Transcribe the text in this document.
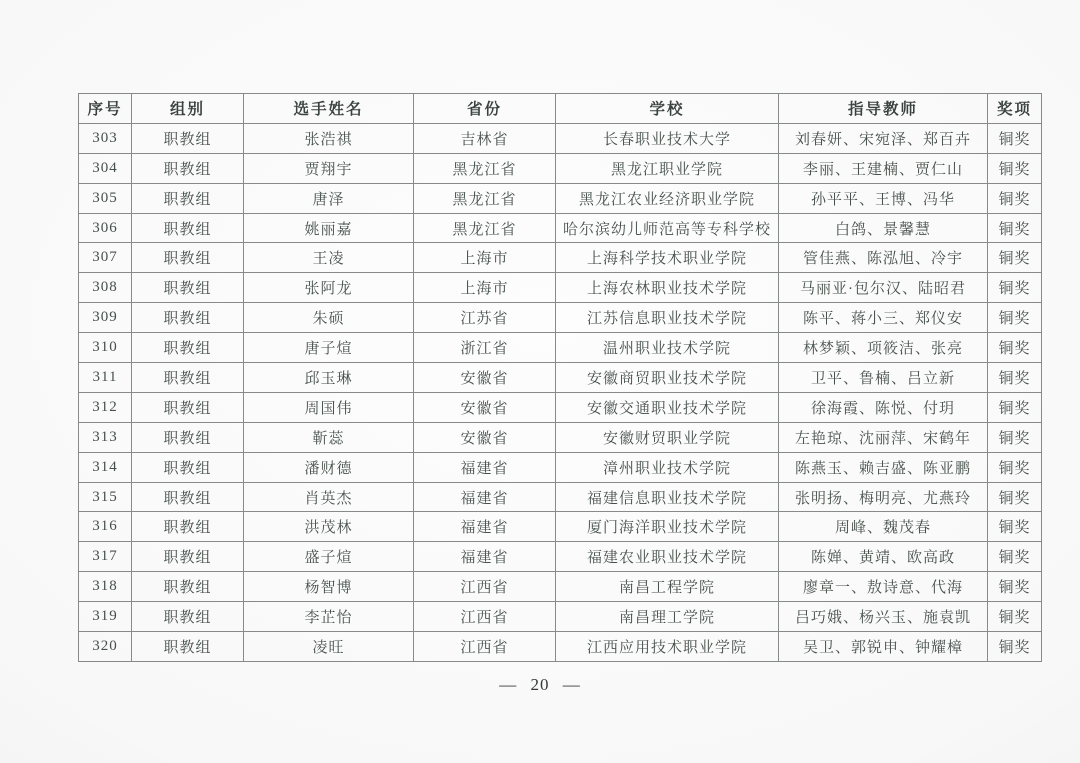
序号	组别	选手姓名	省份	学校	指导教师	奖项
303	职教组	张浩祺	吉林省	长春职业技术大学	刘春妍、宋宛泽、郑百卉	铜奖
304	职教组	贾翔宇	黑龙江省	黑龙江职业学院	李丽、王建楠、贾仁山	铜奖
305	职教组	唐泽	黑龙江省	黑龙江农业经济职业学院	孙平平、王博、冯华	铜奖
306	职教组	姚丽嘉	黑龙江省	哈尔滨幼儿师范高等专科学校	白鸽、景馨慧	铜奖
307	职教组	王凌	上海市	上海科学技术职业学院	管佳燕、陈泓旭、冷宇	铜奖
308	职教组	张阿龙	上海市	上海农林职业技术学院	马丽亚·包尔汉、陆昭君	铜奖
309	职教组	朱硕	江苏省	江苏信息职业技术学院	陈平、蒋小三、郑仪安	铜奖
310	职教组	唐子煊	浙江省	温州职业技术学院	林梦颖、项筱洁、张亮	铜奖
311	职教组	邱玉琳	安徽省	安徽商贸职业技术学院	卫平、鲁楠、吕立新	铜奖
312	职教组	周国伟	安徽省	安徽交通职业技术学院	徐海霞、陈悦、付玥	铜奖
313	职教组	靳蕊	安徽省	安徽财贸职业学院	左艳琼、沈丽萍、宋鹤年	铜奖
314	职教组	潘财德	福建省	漳州职业技术学院	陈燕玉、赖吉盛、陈亚鹏	铜奖
315	职教组	肖英杰	福建省	福建信息职业技术学院	张明扬、梅明亮、尤燕玲	铜奖
316	职教组	洪茂林	福建省	厦门海洋职业技术学院	周峰、魏茂春	铜奖
317	职教组	盛子煊	福建省	福建农业职业技术学院	陈婵、黄靖、欧高政	铜奖
318	职教组	杨智博	江西省	南昌工程学院	廖章一、敖诗意、代海	铜奖
319	职教组	李芷怡	江西省	南昌理工学院	吕巧娥、杨兴玉、施袁凯	铜奖
320	职教组	凌旺	江西省	江西应用技术职业学院	吴卫、郭锐申、钟耀樟	铜奖
— 20 —
